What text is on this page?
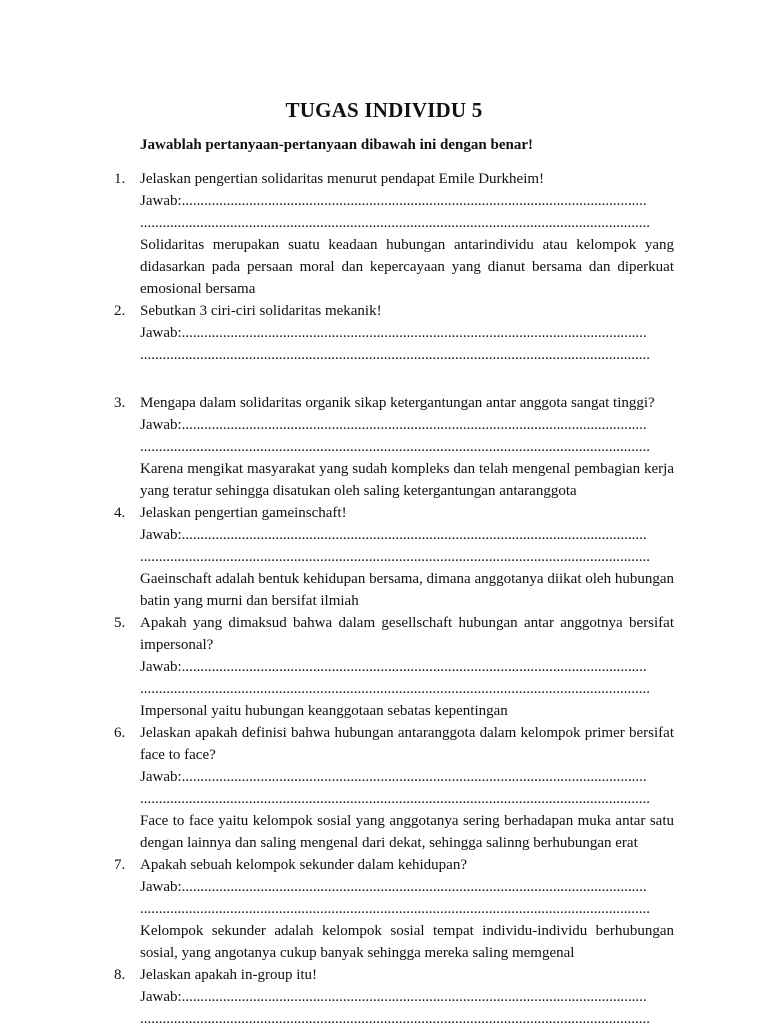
TUGAS INDIVIDU 5
Jawablah pertanyaan-pertanyaan dibawah ini dengan benar!
1. Jelaskan pengertian solidaritas menurut pendapat Emile Durkheim!
Jawab:............................................................................................................................
........................................................................................................................................
Solidaritas merupakan suatu keadaan hubungan antarindividu atau kelompok yang didasarkan pada persaan moral dan kepercayaan yang dianut bersama dan diperkuat emosional bersama
2. Sebutkan 3 ciri-ciri solidaritas mekanik!
Jawab:............................................................................................................................
........................................................................................................................................
3. Mengapa dalam solidaritas organik sikap ketergantungan antar anggota sangat tinggi?
Jawab:............................................................................................................................
........................................................................................................................................
Karena mengikat masyarakat yang sudah kompleks dan telah mengenal pembagian kerja yang teratur sehingga disatukan oleh saling ketergantungan antaranggota
4. Jelaskan pengertian gameinschaft!
Jawab:............................................................................................................................
........................................................................................................................................
Gaeinschaft adalah bentuk kehidupan bersama, dimana anggotanya diikat oleh hubungan batin yang murni dan bersifat ilmiah
5. Apakah yang dimaksud bahwa dalam gesellschaft hubungan antar anggotnya bersifat impersonal?
Jawab:............................................................................................................................
........................................................................................................................................
Impersonal yaitu hubungan keanggotaan sebatas kepentingan
6. Jelaskan apakah definisi bahwa hubungan antaranggota dalam kelompok primer bersifat face to face?
Jawab:............................................................................................................................
........................................................................................................................................
Face to face yaitu kelompok sosial yang anggotanya sering berhadapan muka antar satu dengan lainnya dan saling mengenal dari dekat, sehingga salinng berhubungan erat
7. Apakah sebuah kelompok sekunder dalam kehidupan?
Jawab:............................................................................................................................
........................................................................................................................................
Kelompok sekunder adalah kelompok sosial tempat individu-individu berhubungan sosial, yang angotanya cukup banyak sehingga mereka saling memgenal
8. Jelaskan apakah in-group itu!
Jawab:............................................................................................................................
........................................................................................................................................
